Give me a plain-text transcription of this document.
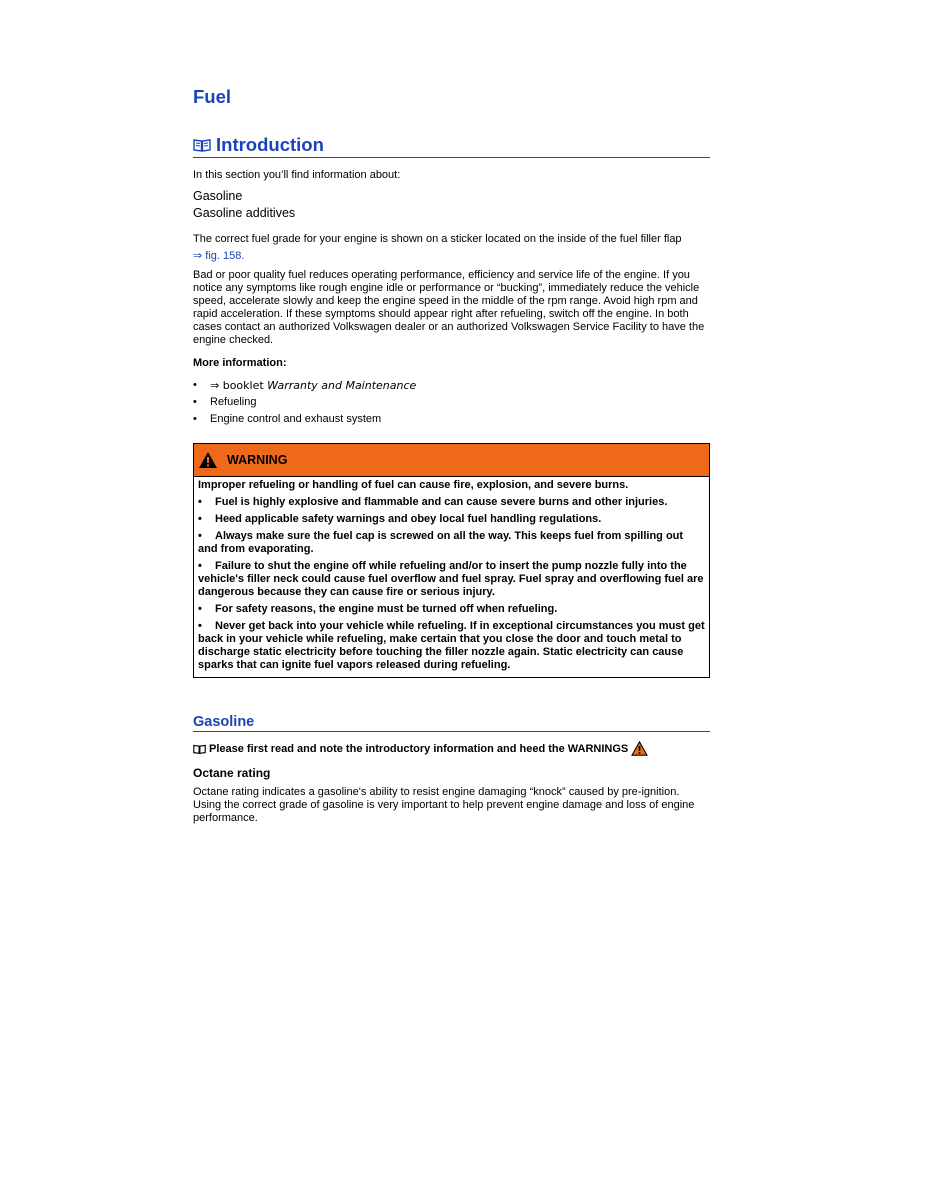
Fuel
Introduction

In this section you’ll find information about:

Gasoline
Gasoline additives

The correct fuel grade for your engine is shown on a sticker located on the inside of the fuel filler flap
⇒ fig. 158.

Bad or poor quality fuel reduces operating performance, efficiency and service life of the engine. If you notice any symptoms like rough engine idle or performance or “bucking”, immediately reduce the vehicle speed, accelerate slowly and keep the engine speed in the middle of the rpm range. Avoid high rpm and rapid acceleration. If these symptoms should appear right after refueling, switch off the engine. In both cases contact an authorized Volkswagen dealer or an authorized Volkswagen Service Facility to have the engine checked.

More information:
• ⇒ booklet Warranty and Maintenance
• Refueling
• Engine control and exhaust system
WARNING

Improper refueling or handling of fuel can cause fire, explosion, and severe burns.

• Fuel is highly explosive and flammable and can cause severe burns and other injuries.

• Heed applicable safety warnings and obey local fuel handling regulations.

• Always make sure the fuel cap is screwed on all the way. This keeps fuel from spilling out and from evaporating.

• Failure to shut the engine off while refueling and/or to insert the pump nozzle fully into the vehicle's filler neck could cause fuel overflow and fuel spray. Fuel spray and overflowing fuel are dangerous because they can cause fire or serious injury.

• For safety reasons, the engine must be turned off when refueling.

• Never get back into your vehicle while refueling. If in exceptional circumstances you must get back in your vehicle while refueling, make certain that you close the door and touch metal to discharge static electricity before touching the filler nozzle again. Static electricity can cause sparks that can ignite fuel vapors released during refueling.

Gasoline
Please first read and note the introductory information and heed the WARNINGS
Octane rating

Octane rating indicates a gasoline's ability to resist engine damaging “knock” caused by pre-ignition. Using the correct grade of gasoline is very important to help prevent engine damage and loss of engine performance.
